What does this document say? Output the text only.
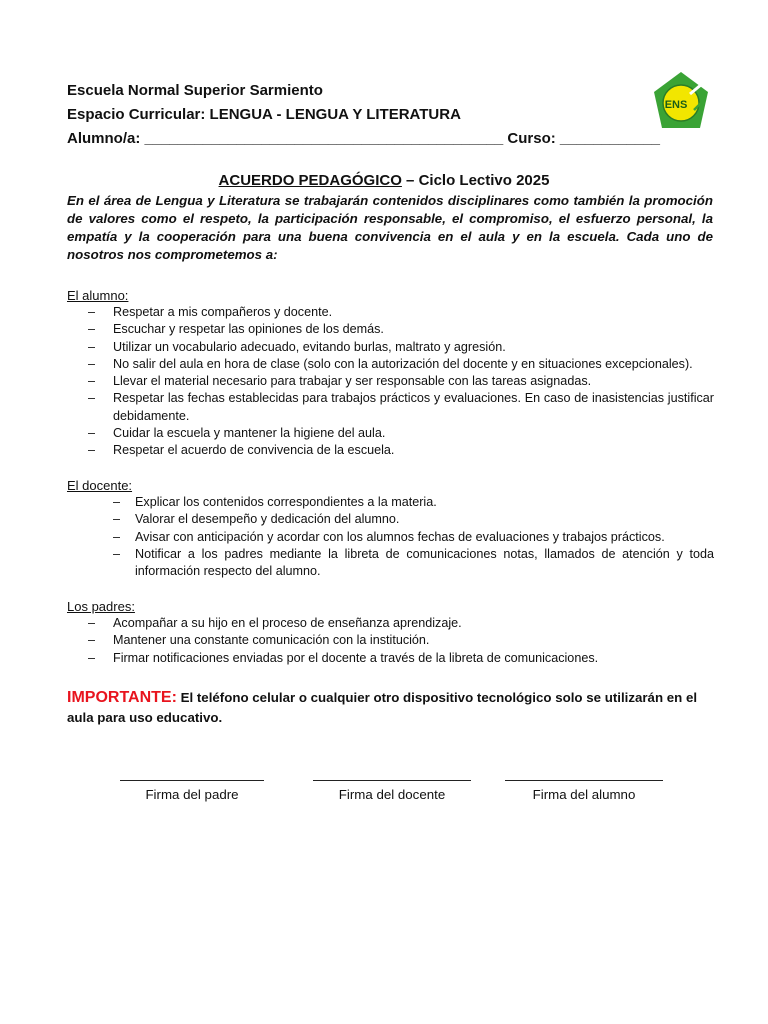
Escuela Normal Superior Sarmiento
Espacio Curricular: LENGUA - LENGUA Y LITERATURA
Alumno/a: ___________________________________________ Curso: ____________
ENS
ACUERDO PEDAGÓGICO – Ciclo Lectivo 2025
En el área de Lengua y Literatura se trabajarán contenidos disciplinares como también la promoción de valores como el respeto, la participación responsable, el compromiso, el esfuerzo personal, la empatía y la cooperación para una buena convivencia en el aula y en la escuela. Cada uno de nosotros nos comprometemos a:
El alumno:
– Respetar a mis compañeros y docente.
– Escuchar y respetar las opiniones de los demás.
– Utilizar un vocabulario adecuado, evitando burlas, maltrato y agresión.
– No salir del aula en hora de clase (solo con la autorización del docente y en situaciones excepcionales).
– Llevar el material necesario para trabajar y ser responsable con las tareas asignadas.
– Respetar las fechas establecidas para trabajos prácticos y evaluaciones. En caso de inasistencias justificar debidamente.
– Cuidar la escuela y mantener la higiene del aula.
– Respetar el acuerdo de convivencia de la escuela.
El docente:
– Explicar los contenidos correspondientes a la materia.
– Valorar el desempeño y dedicación del alumno.
– Avisar con anticipación y acordar con los alumnos fechas de evaluaciones y trabajos prácticos.
– Notificar a los padres mediante la libreta de comunicaciones notas, llamados de atención y toda información respecto del alumno.
Los padres:
– Acompañar a su hijo en el proceso de enseñanza aprendizaje.
– Mantener una constante comunicación con la institución.
– Firmar notificaciones enviadas por el docente a través de la libreta de comunicaciones.
IMPORTANTE: El teléfono celular o cualquier otro dispositivo tecnológico solo se utilizarán en el aula para uso educativo.
Firma del padre	Firma del docente	Firma del alumno
